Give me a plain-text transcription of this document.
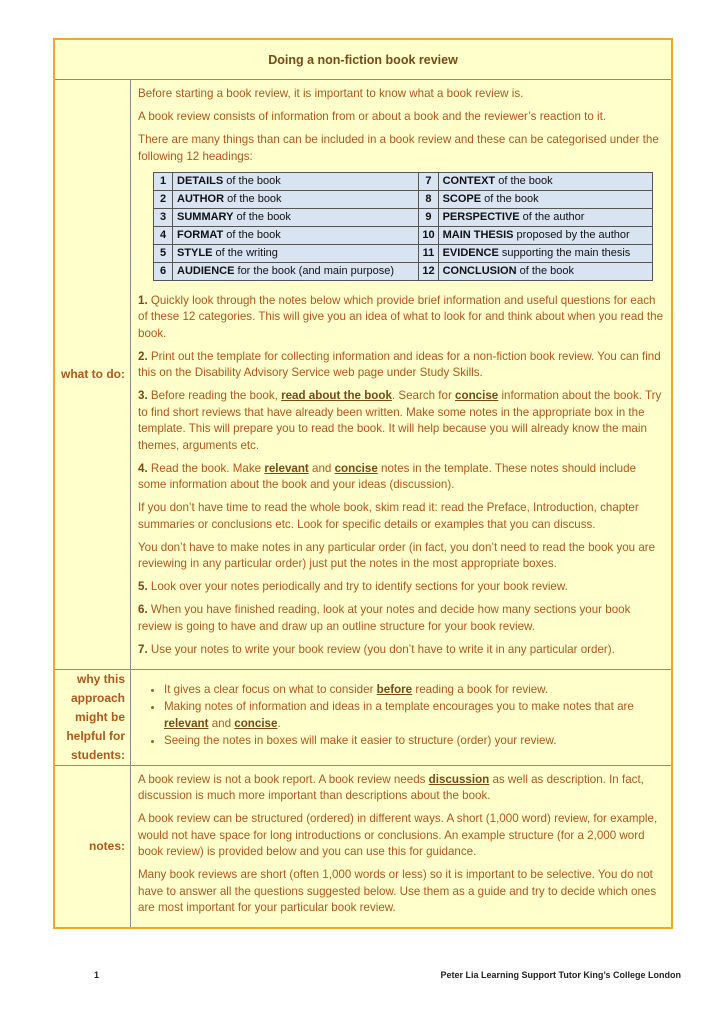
Doing a non-fiction book review
what to do:

Before starting a book review, it is important to know what a book review is.

A book review consists of information from or about a book and the reviewer’s reaction to it.

There are many things than can be included in a book review and these can be categorised under the following 12 headings:

1	DETAILS of the book	7	CONTEXT of the book
2	AUTHOR of the book	8	SCOPE of the book
3	SUMMARY of the book	9	PERSPECTIVE of the author
4	FORMAT of the book	10	MAIN THESIS proposed by the author
5	STYLE of the writing	11	EVIDENCE supporting the main thesis
6	AUDIENCE for the book (and main purpose)	12	CONCLUSION of the book

1. Quickly look through the notes below which provide brief information and useful questions for each of these 12 categories. This will give you an idea of what to look for and think about when you read the book.

2. Print out the template for collecting information and ideas for a non-fiction book review. You can find this on the Disability Advisory Service web page under Study Skills.

3. Before reading the book, read about the book. Search for concise information about the book. Try to find short reviews that have already been written. Make some notes in the appropriate box in the template. This will prepare you to read the book. It will help because you will already know the main themes, arguments etc.

4. Read the book. Make relevant and concise notes in the template. These notes should include some information about the book and your ideas (discussion).

If you don’t have time to read the whole book, skim read it: read the Preface, Introduction, chapter summaries or conclusions etc. Look for specific details or examples that you can discuss.

You don’t have to make notes in any particular order (in fact, you don’t need to read the book you are reviewing in any particular order) just put the notes in the most appropriate boxes.

5. Look over your notes periodically and try to identify sections for your book review.

6. When you have finished reading, look at your notes and decide how many sections your book review is going to have and draw up an outline structure for your book review.

7. Use your notes to write your book review (you don’t have to write it in any particular order).

why this approach might be helpful for students:
• It gives a clear focus on what to consider before reading a book for review.
• Making notes of information and ideas in a template encourages you to make notes that are relevant and concise.
• Seeing the notes in boxes will make it easier to structure (order) your review.
notes:

A book review is not a book report. A book review needs discussion as well as description. In fact, discussion is much more important than descriptions about the book.

A book review can be structured (ordered) in different ways. A short (1,000 word) review, for example, would not have space for long introductions or conclusions. An example structure (for a 2,000 word book review) is provided below and you can use this for guidance.

Many book reviews are short (often 1,000 words or less) so it is important to be selective. You do not have to answer all the questions suggested below. Use them as a guide and try to decide which ones are most important for your particular book review.

1	Peter Lia Learning Support Tutor King’s College London
